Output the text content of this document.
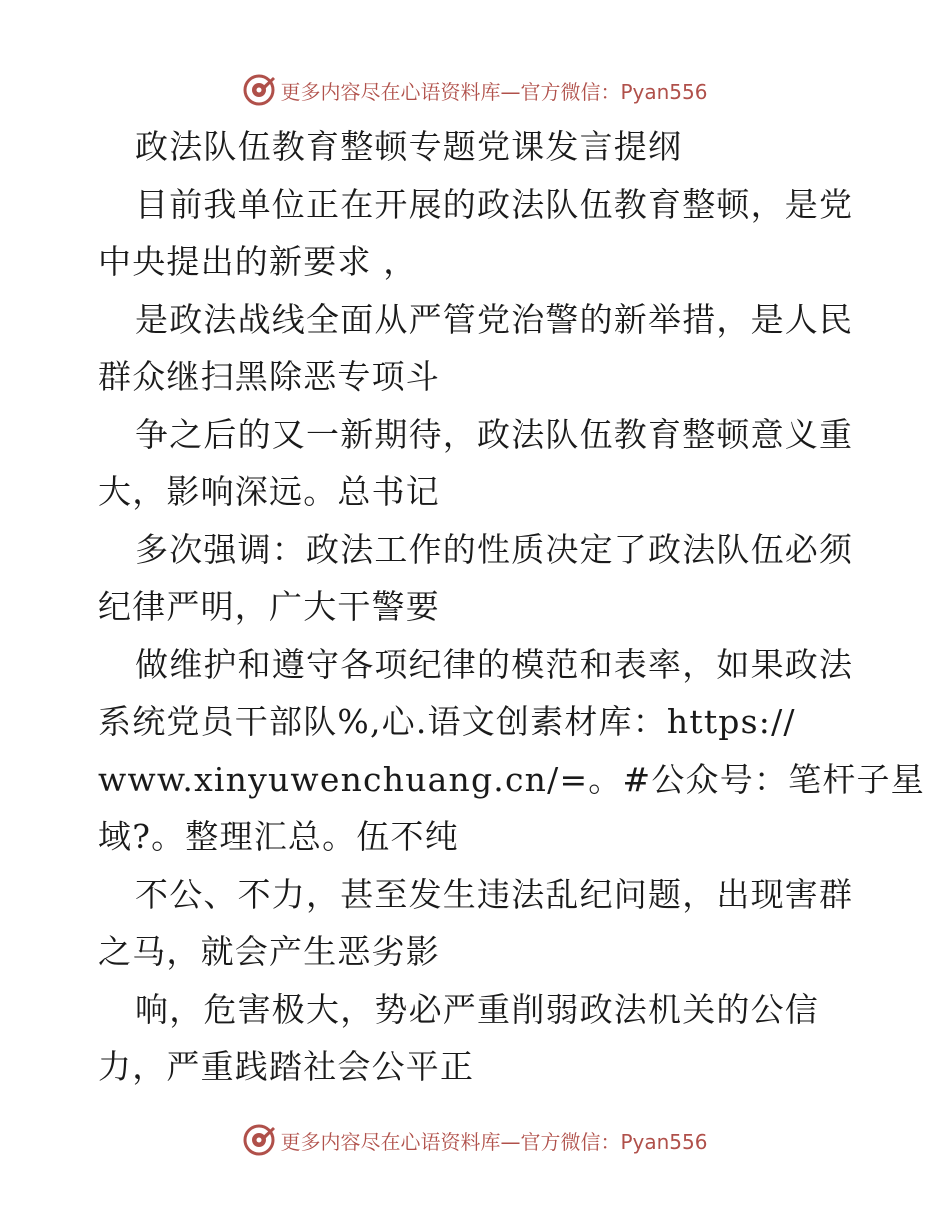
更多内容尽在心语资料库—官方微信：Pyan556
政法队伍教育整顿专题党课发言提纲
目前我单位正在开展的政法队伍教育整顿，是党
中央提出的新要求 ，
是政法战线全面从严管党治警的新举措，是人民
群众继扫黑除恶专项斗
争之后的又一新期待，政法队伍教育整顿意义重
大，影响深远。总书记
多次强调：政法工作的性质决定了政法队伍必须
纪律严明，广大干警要
做维护和遵守各项纪律的模范和表率，如果政法
系统党员干部队%,心.语文创素材库：https://
www.xinyuwenchuang.cn/=。#公众号：笔杆子星
域?。整理汇总。伍不纯
不公、不力，甚至发生违法乱纪问题，出现害群
之马，就会产生恶劣影
响，危害极大，势必严重削弱政法机关的公信
力，严重践踏社会公平正
更多内容尽在心语资料库—官方微信：Pyan556
